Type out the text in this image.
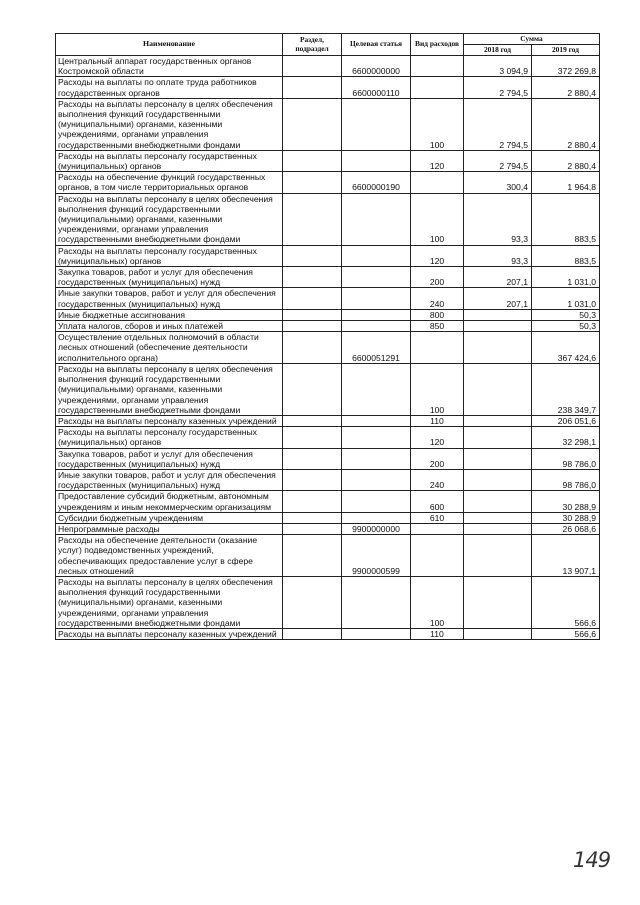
Наименование	Раздел, подраздел	Целевая статья	Вид расходов	Сумма	
				2018 год	2019 год
Центральный аппарат государственных органов Костромской области		6600000000		3 094,9	372 269,8
Расходы на выплаты по оплате труда работников государственных органов		6600000110		2 794,5	2 880,4
Расходы на выплаты персоналу в целях обеспечения выполнения функций государственными (муниципальными) органами, казенными учреждениями, органами управления государственными внебюджетными фондами			100	2 794,5	2 880,4
Расходы на выплаты персоналу государственных (муниципальных) органов			120	2 794,5	2 880,4
Расходы на обеспечение функций государственных органов, в том числе территориальных органов		6600000190		300,4	1 964,8
Расходы на выплаты персоналу в целях обеспечения выполнения функций государственными (муниципальными) органами, казенными учреждениями, органами управления государственными внебюджетными фондами			100	93,3	883,5
Расходы на выплаты персоналу государственных (муниципальных) органов			120	93,3	883,5
Закупка товаров, работ и услуг для обеспечения государственных (муниципальных) нужд			200	207,1	1 031,0
Иные закупки товаров, работ и услуг для обеспечения государственных (муниципальных) нужд			240	207,1	1 031,0
Иные бюджетные ассигнования			800		50,3
Уплата налогов, сборов и иных платежей			850		50,3
Осуществление отдельных полномочий в области лесных отношений (обеспечение деятельности исполнительного органа)		6600051291			367 424,6
Расходы на выплаты персоналу в целях обеспечения выполнения функций государственными (муниципальными) органами, казенными учреждениями, органами управления государственными внебюджетными фондами			100		238 349,7
Расходы на выплаты персоналу казенных учреждений			110		206 051,6
Расходы на выплаты персоналу государственных (муниципальных) органов			120		32 298,1
Закупка товаров, работ и услуг для обеспечения государственных (муниципальных) нужд			200		98 786,0
Иные закупки товаров, работ и услуг для обеспечения государственных (муниципальных) нужд			240		98 786,0
Предоставление субсидий бюджетным, автономным учреждениям и иным некоммерческим организациям			600		30 288,9
Субсидии бюджетным учреждениям			610		30 288,9
Непрограммные расходы		9900000000			26 068,6
Расходы на обеспечение деятельности (оказание услуг) подведомственных учреждений, обеспечивающих предоставление услуг в сфере лесных отношений		9900000599			13 907,1
Расходы на выплаты персоналу в целях обеспечения выполнения функций государственными (муниципальными) органами, казенными учреждениями, органами управления государственными внебюджетными фондами			100		566,6
Расходы на выплаты персоналу казенных учреждений			110		566,6
149
